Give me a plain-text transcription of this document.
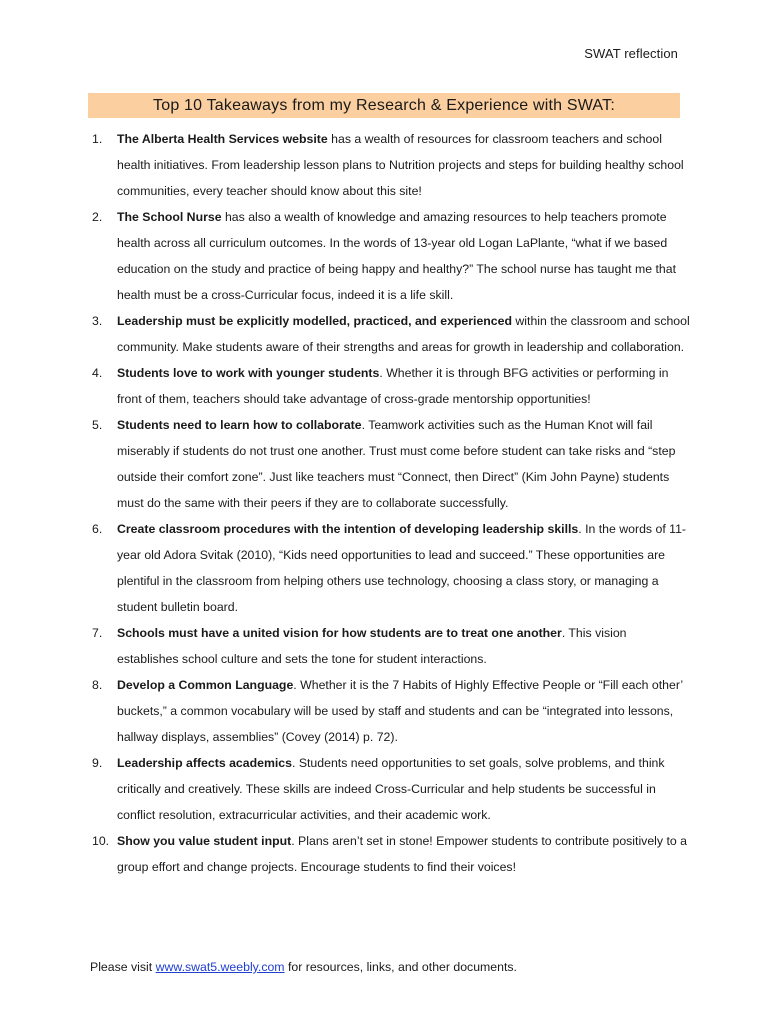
SWAT reflection
Top 10 Takeaways from my Research & Experience with SWAT:
1.	The Alberta Health Services website has a wealth of resources for classroom teachers and school health initiatives. From leadership lesson plans to Nutrition projects and steps for building healthy school communities, every teacher should know about this site!
2.	The School Nurse has also a wealth of knowledge and amazing resources to help teachers promote health across all curriculum outcomes. In the words of 13-year old Logan LaPlante, “what if we based education on the study and practice of being happy and healthy?” The school nurse has taught me that health must be a cross-Curricular focus, indeed it is a life skill.
3.	Leadership must be explicitly modelled, practiced, and experienced within the classroom and school community. Make students aware of their strengths and areas for growth in leadership and collaboration.
4.	Students love to work with younger students. Whether it is through BFG activities or performing in front of them, teachers should take advantage of cross-grade mentorship opportunities!
5.	Students need to learn how to collaborate. Teamwork activities such as the Human Knot will fail miserably if students do not trust one another. Trust must come before student can take risks and “step outside their comfort zone”. Just like teachers must “Connect, then Direct” (Kim John Payne) students must do the same with their peers if they are to collaborate successfully.
6.	Create classroom procedures with the intention of developing leadership skills. In the words of 11-year old Adora Svitak (2010), “Kids need opportunities to lead and succeed.” These opportunities are plentiful in the classroom from helping others use technology, choosing a class story, or managing a student bulletin board.
7.	Schools must have a united vision for how students are to treat one another. This vision establishes school culture and sets the tone for student interactions.
8.	Develop a Common Language. Whether it is the 7 Habits of Highly Effective People or “Fill each other’ buckets,” a common vocabulary will be used by staff and students and can be “integrated into lessons, hallway displays, assemblies” (Covey (2014) p. 72).
9.	Leadership affects academics. Students need opportunities to set goals, solve problems, and think critically and creatively. These skills are indeed Cross-Curricular and help students be successful in conflict resolution, extracurricular activities, and their academic work.
10. Show you value student input. Plans aren’t set in stone! Empower students to contribute positively to a group effort and change projects. Encourage students to find their voices!
Please visit www.swat5.weebly.com for resources, links, and other documents.
